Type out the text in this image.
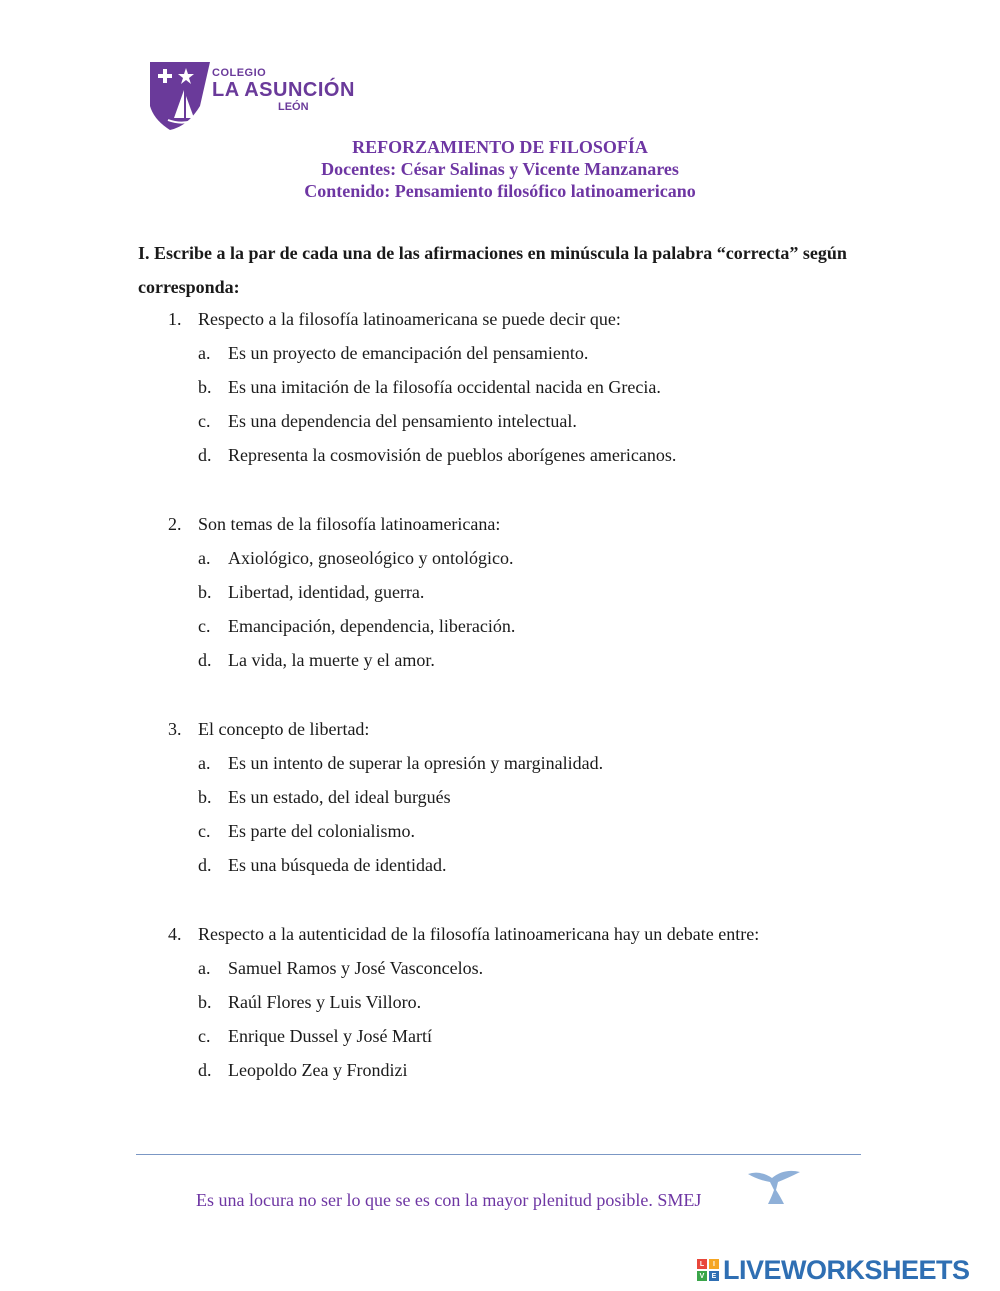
COLEGIO
LA ASUNCIÓN
LEÓN
REFORZAMIENTO DE FILOSOFÍA
Docentes: César Salinas y Vicente Manzanares
Contenido: Pensamiento filosófico latinoamericano
I. Escribe a la par de cada una de las afirmaciones en minúscula la palabra “correcta” según corresponda:
1. Respecto a la filosofía latinoamericana se puede decir que:
a. Es un proyecto de emancipación del pensamiento.
b. Es una imitación de la filosofía occidental nacida en Grecia.
c. Es una dependencia del pensamiento intelectual.
d. Representa la cosmovisión de pueblos aborígenes americanos.
2. Son temas de la filosofía latinoamericana:
a. Axiológico, gnoseológico y ontológico.
b. Libertad, identidad, guerra.
c. Emancipación, dependencia, liberación.
d. La vida, la muerte y el amor.
3. El concepto de libertad:
a. Es un intento de superar la opresión y marginalidad.
b. Es un estado, del ideal burgués
c. Es parte del colonialismo.
d. Es una búsqueda de identidad.
4. Respecto a la autenticidad de la filosofía latinoamericana hay un debate entre:
a. Samuel Ramos y José Vasconcelos.
b. Raúl Flores y Luis Villoro.
c. Enrique Dussel y José Martí
d. Leopoldo Zea y Frondizi
Es una locura no ser lo que se es con la mayor plenitud posible. SMEJ
L	I
V	E LIVEWORKSHEETS
